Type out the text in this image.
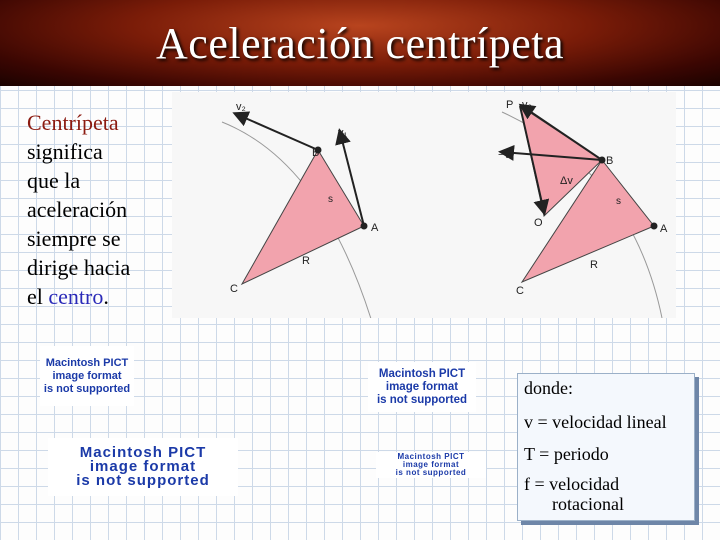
Aceleración centrípeta
Centrípeta
significa
que la
aceleración
siempre se
dirige hacia
el centro.
v₂
v₁
B
A
C
s
R
P v₂
−v₁
Δv
O
B
A
C
s
R
Macintosh PICT
image format
is not supported
Macintosh PICT
image format
is not supported
Macintosh PICT
image format
is not supported
Macintosh PICT
image format
is not supported
donde:
v = velocidad lineal
T = periodo
f = velocidad
rotacional
